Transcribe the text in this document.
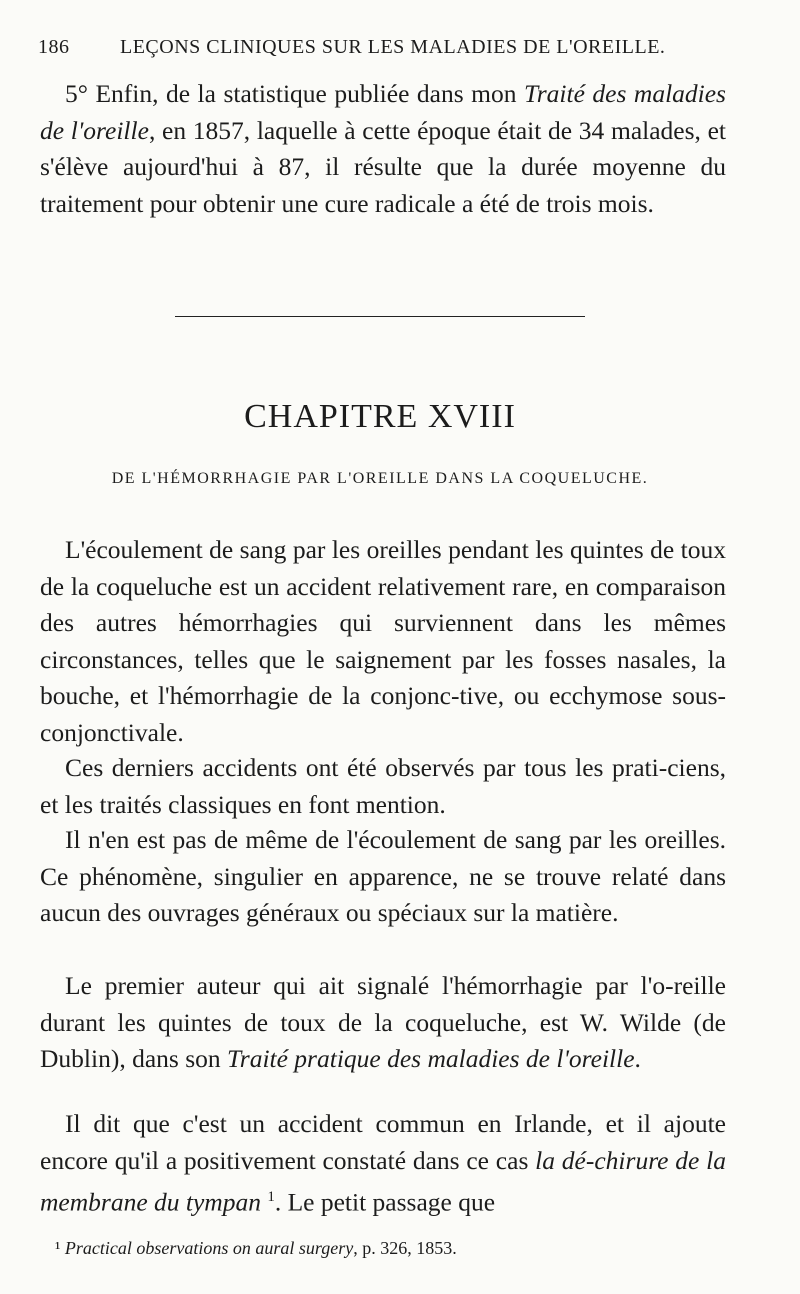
186	LEÇONS CLINIQUES SUR LES MALADIES DE L'OREILLE.
5° Enfin, de la statistique publiée dans mon Traité des maladies de l'oreille, en 1857, laquelle à cette époque était de 34 malades, et s'élève aujourd'hui à 87, il résulte que la durée moyenne du traitement pour obtenir une cure radicale a été de trois mois.
CHAPITRE XVIII
DE L'HÉMORRHAGIE PAR L'OREILLE DANS LA COQUELUCHE.
L'écoulement de sang par les oreilles pendant les quintes de toux de la coqueluche est un accident relativement rare, en comparaison des autres hémorrhagies qui surviennent dans les mêmes circonstances, telles que le saignement par les fosses nasales, la bouche, et l'hémorrhagie de la conjonc-tive, ou ecchymose sous-conjonctivale.
Ces derniers accidents ont été observés par tous les prati-ciens, et les traités classiques en font mention.
Il n'en est pas de même de l'écoulement de sang par les oreilles. Ce phénomène, singulier en apparence, ne se trouve relaté dans aucun des ouvrages généraux ou spéciaux sur la matière.
Le premier auteur qui ait signalé l'hémorrhagie par l'o-reille durant les quintes de toux de la coqueluche, est W. Wilde (de Dublin), dans son Traité pratique des maladies de l'oreille.
Il dit que c'est un accident commun en Irlande, et il ajoute encore qu'il a positivement constaté dans ce cas la dé-chirure de la membrane du tympan $^1$. Le petit passage que
¹ Practical observations on aural surgery, p. 326, 1853.
